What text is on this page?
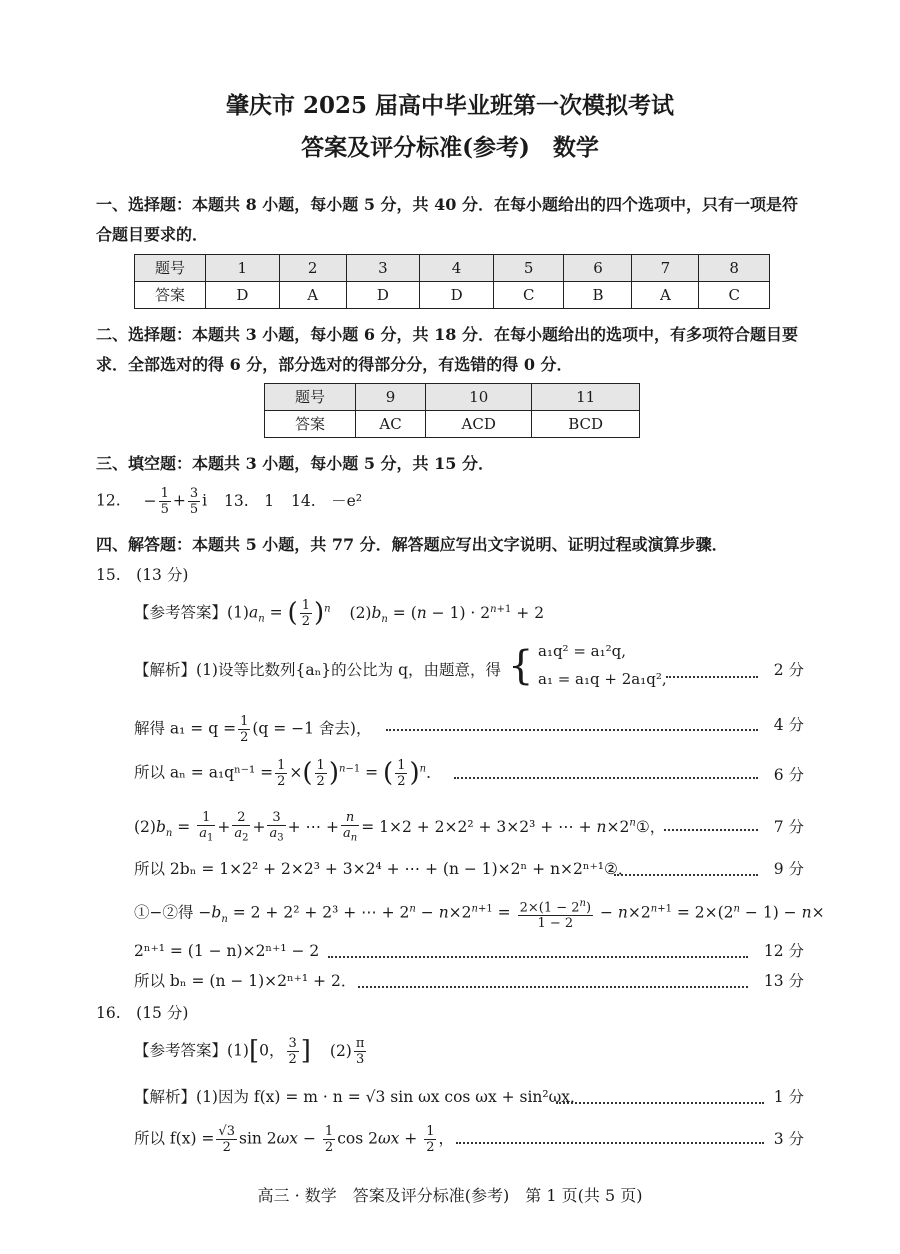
肇庆市 2025 届高中毕业班第一次模拟考试
答案及评分标准(参考)　数学
一、选择题：本题共 8 小题，每小题 5 分，共 40 分．在每小题给出的四个选项中，只有一项是符合题目要求的．
题号	1	2	3	4	5	6	7	8
答案	D	A	D	D	C	B	A	C
二、选择题：本题共 3 小题，每小题 6 分，共 18 分．在每小题给出的选项中，有多项符合题目要求．全部选对的得 6 分，部分选对的得部分分，有选错的得 0 分．
题号	9	10	11
答案	AC	ACD	BCD
三、填空题：本题共 3 小题，每小题 5 分，共 15 分．
12. − $\frac{1}{5} + \frac{3}{5}$ i 13.　1 14.　－e²
四、解答题：本题共 5 小题，共 77 分．解答题应写出文字说明、证明过程或演算步骤．
15.　(13 分)
【参考答案】$(1)a_n$ = ( $\frac{1}{2} )^n$ $(2)b_n = (n - 1) \cdot 2^{n+1} + 2$
【解析】(1)设等比数列{aₙ}的公比为 q，由题意，得 { a₁q² = a₁²q,
a₁ = a₁q + 2a₁q²,	2 分
解得 $a_1 = q = \frac{1}{2} (q = -1$ 舍去)，	4 分
所以 $a_n = a_1q^{n-1} = \frac{1}{2}$ ×( $\frac{1}{2} )^{n-1}$ = ( $\frac{1}{2} )^n$．	6 分
$(2)b_n = \frac{1}{a_1} + \frac{2}{a_2} + \frac{3}{a_3}$ + ⋯ + $\frac{n}{a_n} = 1\times 2 + 2\times 2^2 + 3\times 2^3$ + ⋯ + $n\times 2^n①$，	7 分
所以 2bₙ = 1×2² + 2×2³ + 3×2⁴ + ⋯ + (n − 1)×2ⁿ + n×2ⁿ⁺¹②．	9 分
①−②得 $-b_n = 2 + 2^2 + 2^3$ + ⋯ + $2^n - n\times 2^{n+1} = \frac{2\times(1 - 2^n)}{1 - 2} - n\times 2^{n+1} = 2\times(2^n - 1) - n\times$
2ⁿ⁺¹ = (1 − n)×2ⁿ⁺¹ − 2	12 分
所以 bₙ = (n − 1)×2ⁿ⁺¹ + 2．	13 分
16.　(15 分)
【参考答案】(1)[0， $\frac{3}{2}$ ] $(2) \frac{\pi}{3}$
【解析】(1)因为 f(x) = m · n = √3 sin ωx cos ωx + sin²ωx．	1 分
所以 $f(x) = \frac{√3}{2}$ $\sin 2\omega x - \frac{1}{2}$ $\cos 2\omega x + \frac{1}{2}$ ，	3 分
高三 · 数学　答案及评分标准(参考)　第 1 页(共 5 页)
